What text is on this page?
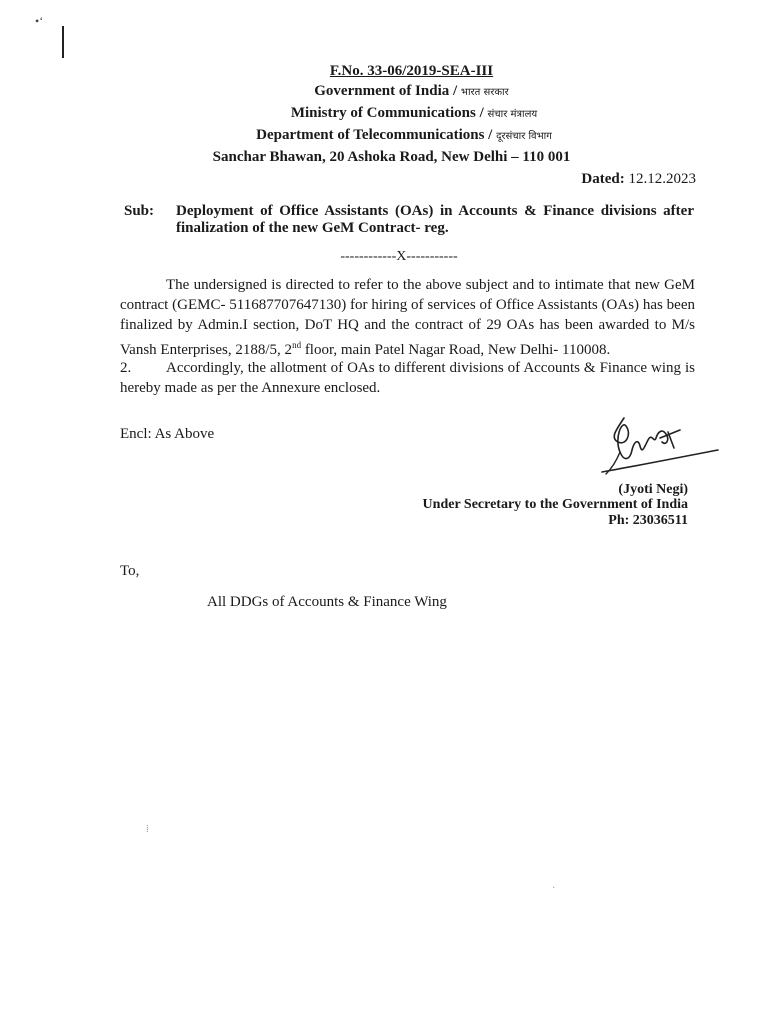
•‘
F.No. 33-06/2019-SEA-III
Government of India / भारत सरकार
Ministry of Communications / संचार मंत्रालय
Department of Telecommunications / दूरसंचार विभाग
Sanchar Bhawan, 20 Ashoka Road, New Delhi – 110 001
Dated: 12.12.2023
Sub: Deployment of Office Assistants (OAs) in Accounts & Finance divisions after finalization of the new GeM Contract- reg.
------------X-----------
The undersigned is directed to refer to the above subject and to intimate that new GeM contract (GEMC- 511687707647130) for hiring of services of Office Assistants (OAs) has been finalized by Admin.I section, DoT HQ and the contract of 29 OAs has been awarded to M/s Vansh Enterprises, 2188/5, 2nd floor, main Patel Nagar Road, New Delhi- 110008.
2. Accordingly, the allotment of OAs to different divisions of Accounts & Finance wing is hereby made as per the Annexure enclosed.
Encl: As Above
(Jyoti Negi)
Under Secretary to the Government of India
Ph: 23036511
To,
All DDGs of Accounts & Finance Wing
⁞
·
